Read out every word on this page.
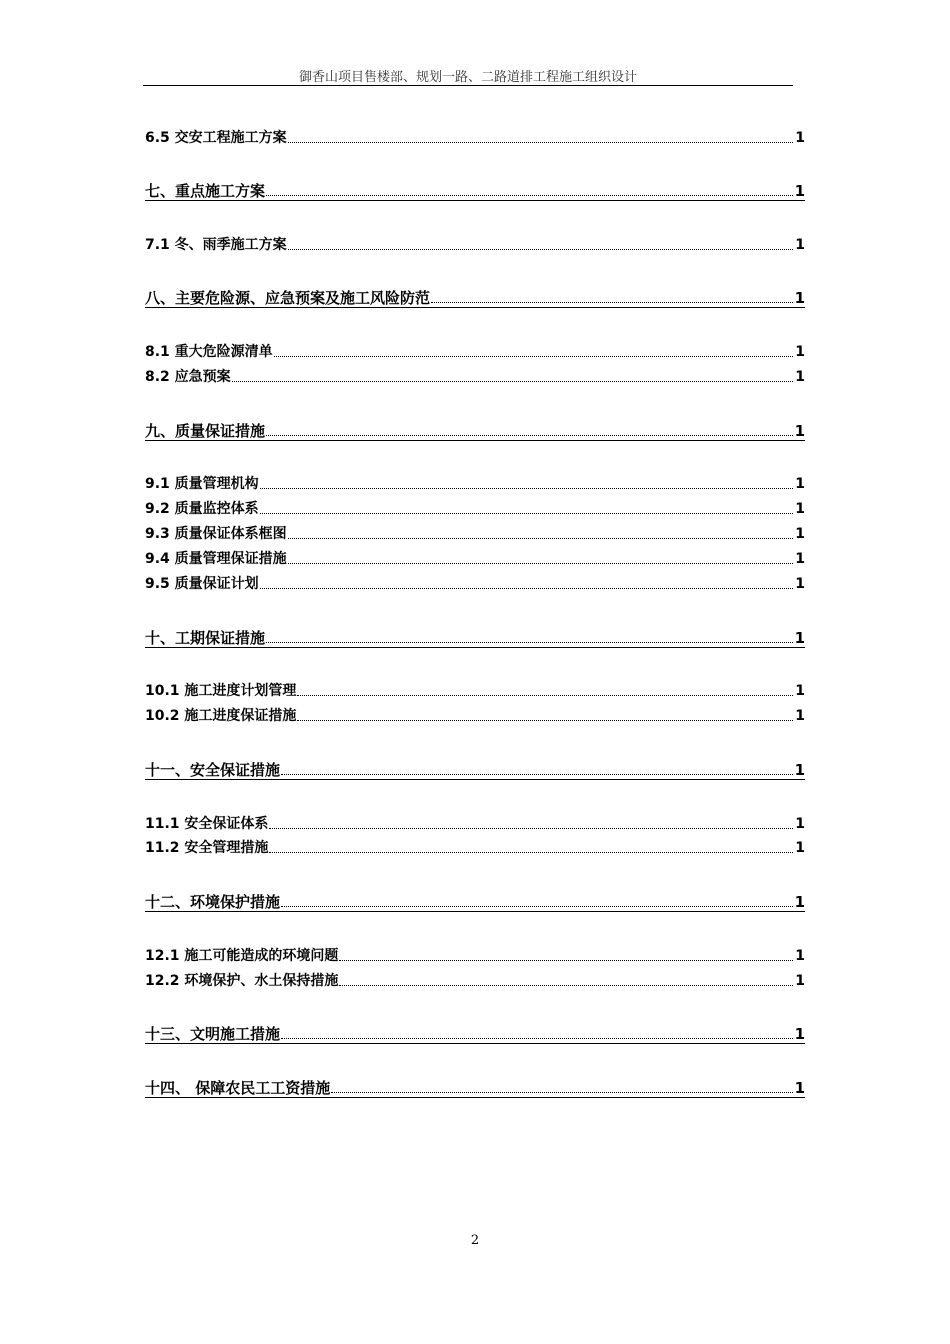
御香山项目售楼部、规划一路、二路道排工程施工组织设计
6.5 交安工程施工方案	1
七、重点施工方案	1
7.1 冬、雨季施工方案	1
八、主要危险源、应急预案及施工风险防范	1
8.1 重大危险源清单	1
8.2 应急预案	1
九、质量保证措施	1
9.1 质量管理机构	1
9.2 质量监控体系	1
9.3 质量保证体系框图	1
9.4 质量管理保证措施	1
9.5 质量保证计划	1
十、工期保证措施	1
10.1 施工进度计划管理	1
10.2 施工进度保证措施	1
十一、安全保证措施	1
11.1 安全保证体系	1
11.2 安全管理措施	1
十二、环境保护措施	1
12.1 施工可能造成的环境问题	1
12.2 环境保护、水土保持措施	1
十三、文明施工措施	1
十四、 保障农民工工资措施	1
2
